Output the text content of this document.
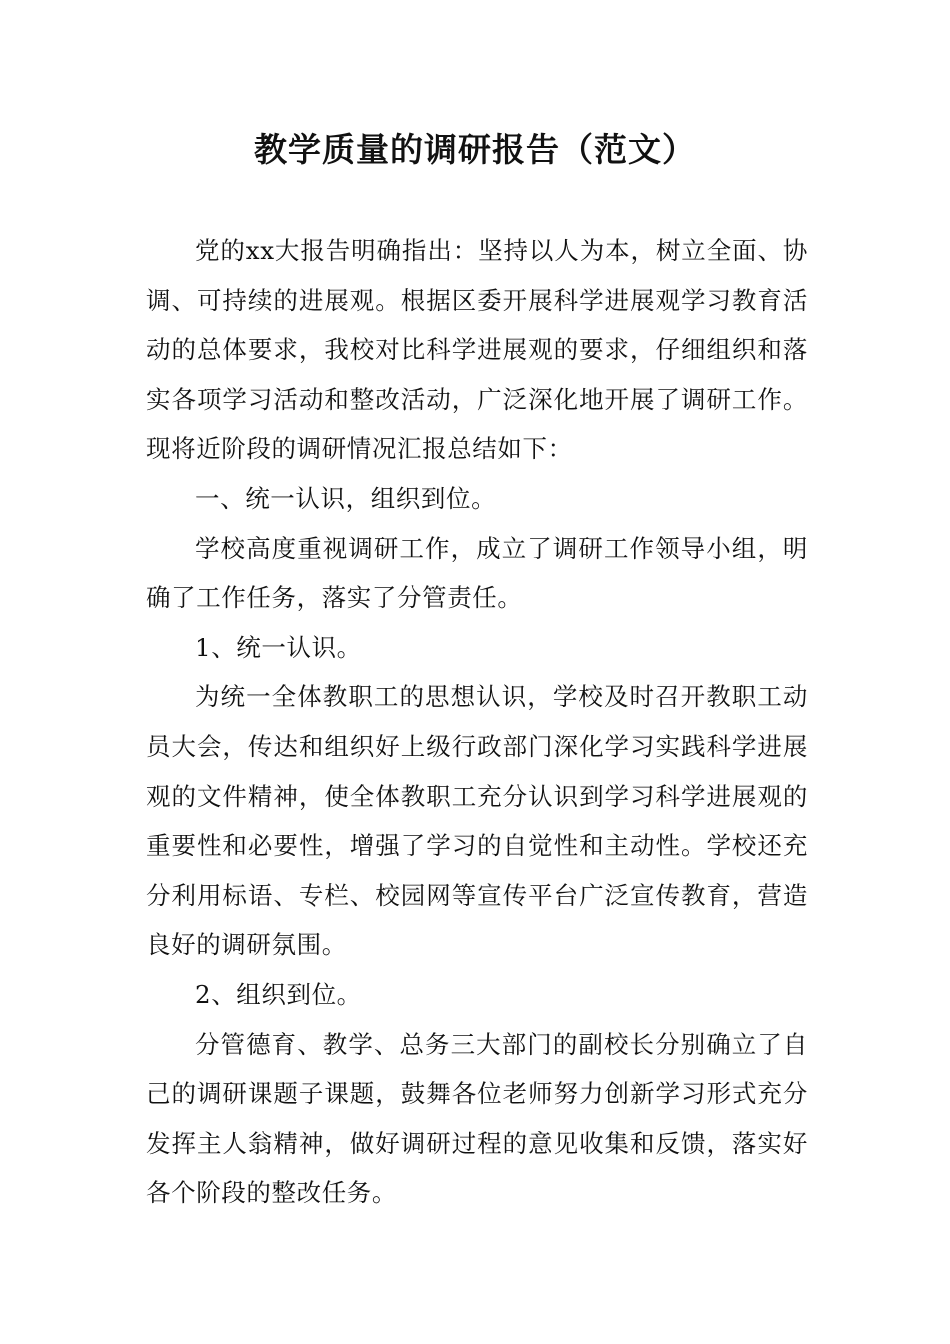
教学质量的调研报告（范文）

党的xx大报告明确指出：坚持以人为本，树立全面、协调、可持续的进展观。根据区委开展科学进展观学习教育活动的总体要求，我校对比科学进展观的要求，仔细组织和落实各项学习活动和整改活动，广泛深化地开展了调研工作。现将近阶段的调研情况汇报总结如下：

一、统一认识，组织到位。

学校高度重视调研工作，成立了调研工作领导小组，明确了工作任务，落实了分管责任。

1、统一认识。

为统一全体教职工的思想认识，学校及时召开教职工动员大会，传达和组织好上级行政部门深化学习实践科学进展观的文件精神，使全体教职工充分认识到学习科学进展观的重要性和必要性，增强了学习的自觉性和主动性。学校还充分利用标语、专栏、校园网等宣传平台广泛宣传教育，营造良好的调研氛围。

2、组织到位。

分管德育、教学、总务三大部门的副校长分别确立了自己的调研课题子课题，鼓舞各位老师努力创新学习形式充分发挥主人翁精神，做好调研过程的意见收集和反馈，落实好各个阶段的整改任务。
